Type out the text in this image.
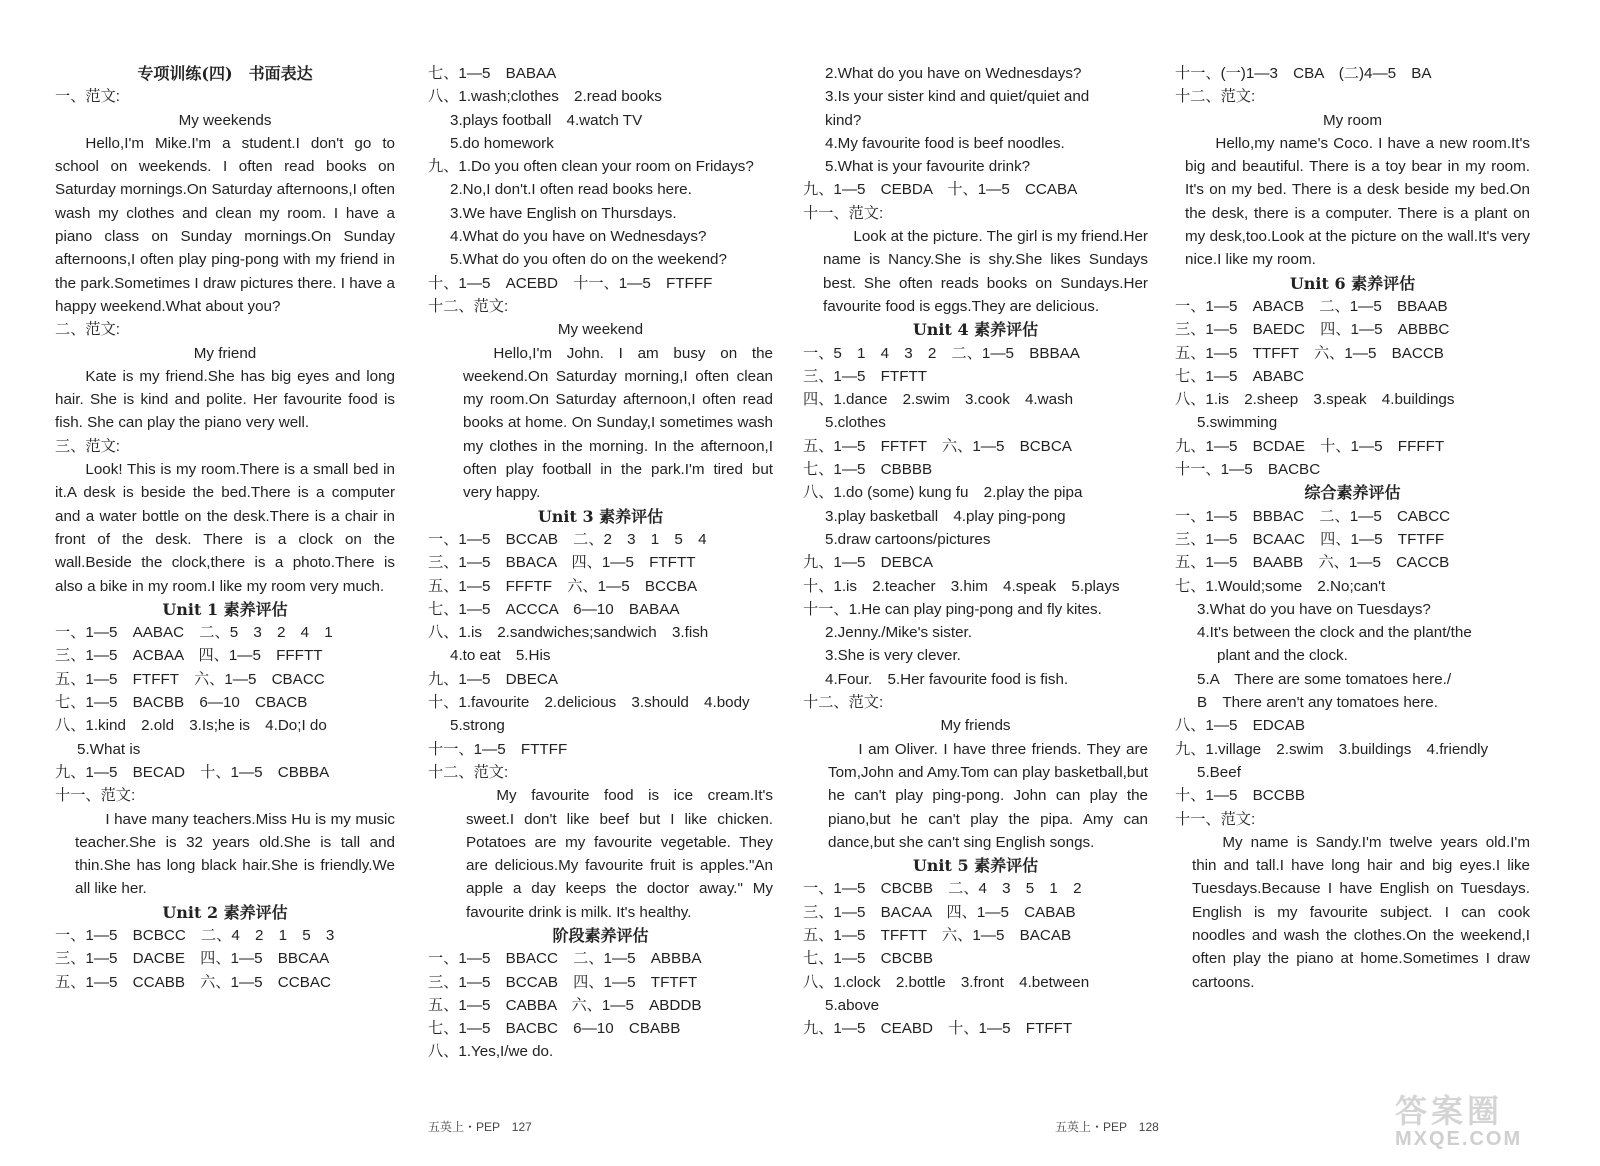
专项训练(四)　书面表达
一、范文:
My weekends
Hello,I'm Mike.I'm a student.I don't go to school on weekends. I often read books on Saturday mornings.On Saturday afternoons,I often wash my clothes and clean my room. I have a piano class on Sunday mornings.On Sunday afternoons,I often play ping-pong with my friend in the park.Sometimes I draw pictures there. I have a happy weekend.What about you?
二、范文:
My friend
Kate is my friend.She has big eyes and long hair. She is kind and polite. Her favourite food is fish. She can play the piano very well.
三、范文:
Look! This is my room.There is a small bed in it.A desk is beside the bed.There is a computer and a water bottle on the desk.There is a chair in front of the desk. There is a clock on the wall.Beside the clock,there is a photo.There is also a bike in my room.I like my room very much.
Unit 1 素养评估
一、1—5　AABAC　二、5　3　2　4　1
三、1—5　ACBAA　四、1—5　FFFTT
五、1—5　FTFFT　六、1—5　CBACC
七、1—5　BACBB　6—10　CBACB
八、1.kind　2.old　3.Is;he is　4.Do;I do
5.What is
九、1—5　BECAD　十、1—5　CBBBA
十一、范文:
I have many teachers.Miss Hu is my music teacher.She is 32 years old.She is tall and thin.She has long black hair.She is friendly.We all like her.
Unit 2 素养评估
一、1—5　BCBCC　二、4　2　1　5　3
三、1—5　DACBE　四、1—5　BBCAA
五、1—5　CCABB　六、1—5　CCBAC
七、1—5　BABAA
八、1.wash;clothes　2.read books
3.plays football　4.watch TV
5.do homework
九、1.Do you often clean your room on Fridays?
2.No,I don't.I often read books here.
3.We have English on Thursdays.
4.What do you have on Wednesdays?
5.What do you often do on the weekend?
十、1—5　ACEBD　十一、1—5　FTFFF
十二、范文:
My weekend
Hello,I'm John. I am busy on the weekend.On Saturday morning,I often clean my room.On Saturday afternoon,I often read books at home. On Sunday,I sometimes wash my clothes in the morning. In the afternoon,I often play football in the park.I'm tired but very happy.
Unit 3 素养评估
一、1—5　BCCAB　二、2　3　1　5　4
三、1—5　BBACA　四、1—5　FTFTT
五、1—5　FFFTF　六、1—5　BCCBA
七、1—5　ACCCA　6—10　BABAA
八、1.is　2.sandwiches;sandwich　3.fish
4.to eat　5.His
九、1—5　DBECA
十、1.favourite　2.delicious　3.should　4.body
5.strong
十一、1—5　FTTFF
十二、范文:
My favourite food is ice cream.It's sweet.I don't like beef but I like chicken. Potatoes are my favourite vegetable. They are delicious.My favourite fruit is apples."An apple a day keeps the doctor away." My favourite drink is milk. It's healthy.
阶段素养评估
一、1—5　BBACC　二、1—5　ABBBA
三、1—5　BCCAB　四、1—5　TFTFT
五、1—5　CABBA　六、1—5　ABDDB
七、1—5　BACBC　6—10　CBABB
八、1.Yes,I/we do.
2.What do you have on Wednesdays?
3.Is your sister kind and quiet/quiet and
kind?
4.My favourite food is beef noodles.
5.What is your favourite drink?
九、1—5　CEBDA　十、1—5　CCABA
十一、范文:
Look at the picture. The girl is my friend.Her name is Nancy.She is shy.She likes Sundays best. She often reads books on Sundays.Her favourite food is eggs.They are delicious.
Unit 4 素养评估
一、5　1　4　3　2　二、1—5　BBBAA
三、1—5　FTFTT
四、1.dance　2.swim　3.cook　4.wash
5.clothes
五、1—5　FFTFT　六、1—5　BCBCA
七、1—5　CBBBB
八、1.do (some) kung fu　2.play the pipa
3.play basketball　4.play ping-pong
5.draw cartoons/pictures
九、1—5　DEBCA
十、1.is　2.teacher　3.him　4.speak　5.plays
十一、1.He can play ping-pong and fly kites.
2.Jenny./Mike's sister.
3.She is very clever.
4.Four.　5.Her favourite food is fish.
十二、范文:
My friends
I am Oliver. I have three friends. They are Tom,John and Amy.Tom can play basketball,but he can't play ping-pong. John can play the piano,but he can't play the pipa. Amy can dance,but she can't sing English songs.
Unit 5 素养评估
一、1—5　CBCBB　二、4　3　5　1　2
三、1—5　BACAA　四、1—5　CABAB
五、1—5　TFFTT　六、1—5　BACAB
七、1—5　CBCBB
八、1.clock　2.bottle　3.front　4.between
5.above
九、1—5　CEABD　十、1—5　FTFFT
十一、(一)1—3　CBA　(二)4—5　BA
十二、范文:
My room
Hello,my name's Coco. I have a new room.It's big and beautiful. There is a toy bear in my room. It's on my bed. There is a desk beside my bed.On the desk, there is a computer. There is a plant on my desk,too.Look at the picture on the wall.It's very nice.I like my room.
Unit 6 素养评估
一、1—5　ABACB　二、1—5　BBAAB
三、1—5　BAEDC　四、1—5　ABBBC
五、1—5　TTFFT　六、1—5　BACCB
七、1—5　ABABC
八、1.is　2.sheep　3.speak　4.buildings
5.swimming
九、1—5　BCDAE　十、1—5　FFFFT
十一、1—5　BACBC
综合素养评估
一、1—5　BBBAC　二、1—5　CABCC
三、1—5　BCAAC　四、1—5　TFTFF
五、1—5　BAABB　六、1—5　CACCB
七、1.Would;some　2.No;can't
3.What do you have on Tuesdays?
4.It's between the clock and the plant/the
plant and the clock.
5.A　There are some tomatoes here./
B　There aren't any tomatoes here.
八、1—5　EDCAB
九、1.village　2.swim　3.buildings　4.friendly
5.Beef
十、1—5　BCCBB
十一、范文:
My name is Sandy.I'm twelve years old.I'm thin and tall.I have long hair and big eyes.I like Tuesdays.Because I have English on Tuesdays. English is my favourite subject. I can cook noodles and wash the clothes.On the weekend,I often play the piano at home.Sometimes I draw cartoons.
五英上・PEP　127	五英上・PEP　128	答案圈
MXQE.COM
